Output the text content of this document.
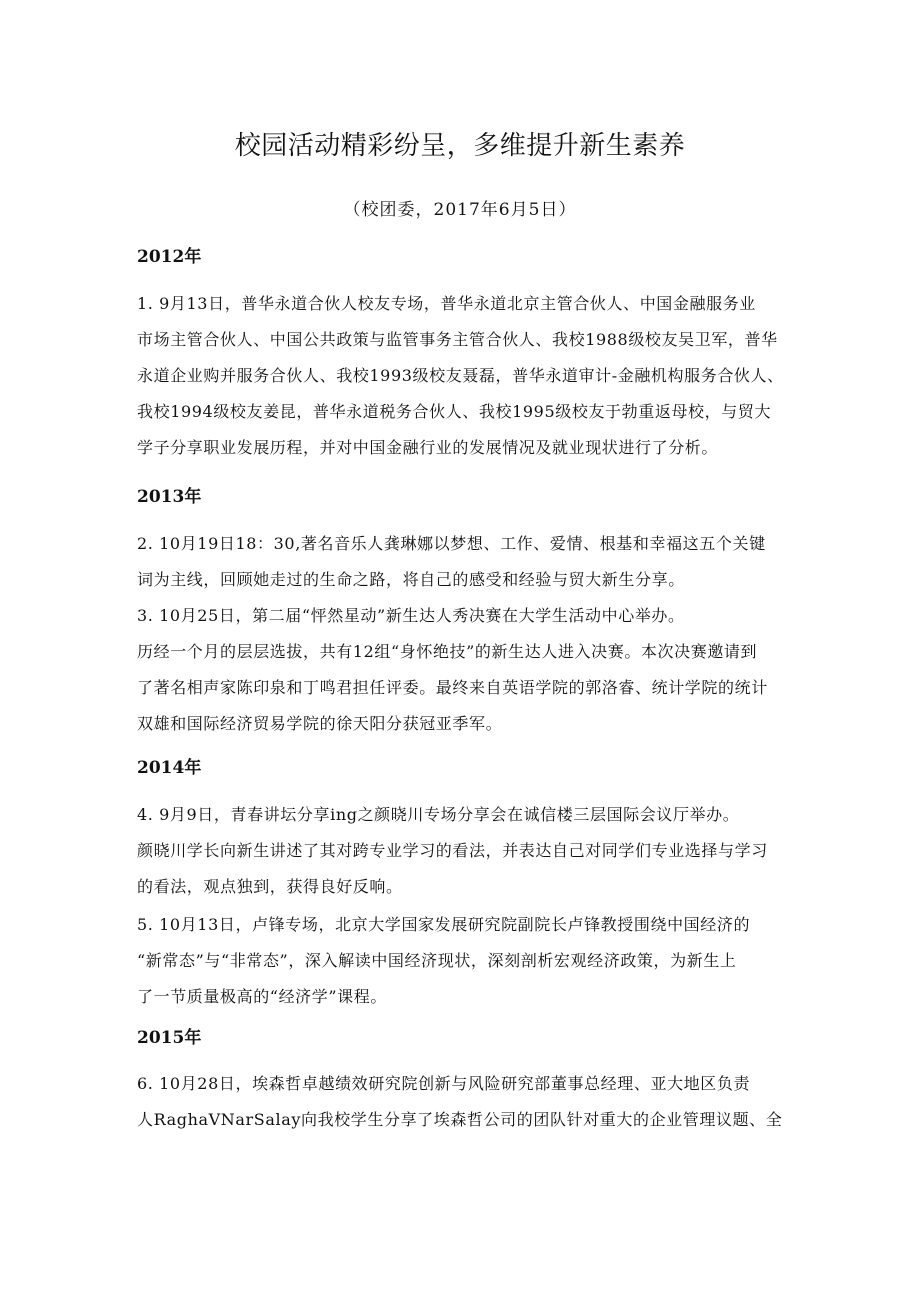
校园活动精彩纷呈，多维提升新生素养
（校团委，2017年6月5日）
2012年
1. 9月13日，普华永道合伙人校友专场，普华永道北京主管合伙人、中国金融服务业
市场主管合伙人、中国公共政策与监管事务主管合伙人、我校1988级校友吴卫军，普华
永道企业购并服务合伙人、我校1993级校友聂磊，普华永道审计-金融机构服务合伙人、
我校1994级校友姜昆，普华永道税务合伙人、我校1995级校友于勃重返母校，与贸大
学子分享职业发展历程，并对中国金融行业的发展情况及就业现状进行了分析。
2013年
2. 10月19日18：30,著名音乐人龚琳娜以梦想、工作、爱情、根基和幸福这五个关键
词为主线，回顾她走过的生命之路，将自己的感受和经验与贸大新生分享。
3. 10月25日，第二届“怦然星动”新生达人秀决赛在大学生活动中心举办。
历经一个月的层层选拔，共有12组“身怀绝技”的新生达人进入决赛。本次决赛邀请到
了著名相声家陈印泉和丁鸣君担任评委。最终来自英语学院的郭洛睿、统计学院的统计
双雄和国际经济贸易学院的徐天阳分获冠亚季军。
2014年
4. 9月9日，青春讲坛分享ing之颜晓川专场分享会在诚信楼三层国际会议厅举办。
颜晓川学长向新生讲述了其对跨专业学习的看法，并表达自己对同学们专业选择与学习
的看法，观点独到，获得良好反响。
5. 10月13日，卢锋专场，北京大学国家发展研究院副院长卢锋教授围绕中国经济的
“新常态”与“非常态”，深入解读中国经济现状，深刻剖析宏观经济政策，为新生上
了一节质量极高的“经济学”课程。
2015年
6. 10月28日，埃森哲卓越绩效研究院创新与风险研究部董事总经理、亚大地区负责
人RaghaVNarSalay向我校学生分享了埃森哲公司的团队针对重大的企业管理议题、全
